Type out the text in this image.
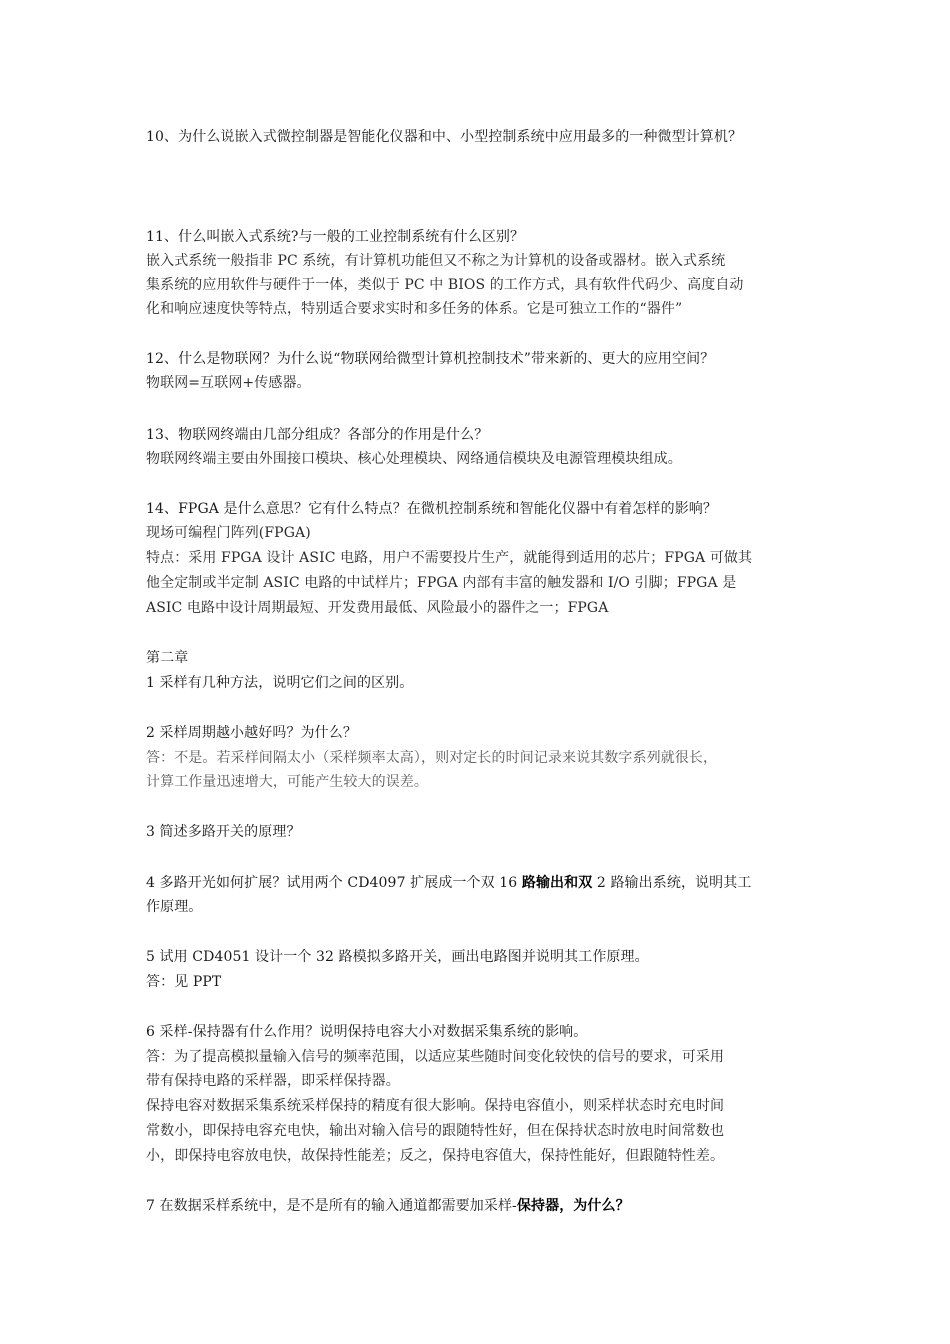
10、为什么说嵌入式微控制器是智能化仪器和中、小型控制系统中应用最多的一种微型计算机？
11、什么叫嵌入式系统?与一般的工业控制系统有什么区别？
嵌入式系统一般指非 PC 系统，有计算机功能但又不称之为计算机的设备或器材。嵌入式系统
集系统的应用软件与硬件于一体，类似于 PC 中 BIOS 的工作方式，具有软件代码少、高度自动
化和响应速度快等特点，特别适合要求实时和多任务的体系。它是可独立工作的“器件”
12、什么是物联网？为什么说“物联网给微型计算机控制技术”带来新的、更大的应用空间？
物联网=互联网+传感器。
13、物联网终端由几部分组成？各部分的作用是什么？
物联网终端主要由外围接口模块、核心处理模块、网络通信模块及电源管理模块组成。
14、FPGA 是什么意思？它有什么特点？在微机控制系统和智能化仪器中有着怎样的影响？
现场可编程门阵列(FPGA)
特点：采用 FPGA 设计 ASIC 电路，用户不需要投片生产，就能得到适用的芯片；FPGA 可做其
他全定制或半定制 ASIC 电路的中试样片；FPGA 内部有丰富的触发器和 I/O 引脚；FPGA 是
ASIC 电路中设计周期最短、开发费用最低、风险最小的器件之一；FPGA
第二章
1 采样有几种方法，说明它们之间的区别。
2 采样周期越小越好吗？为什么？
答：不是。若采样间隔太小（采样频率太高），则对定长的时间记录来说其数字系列就很长，
计算工作量迅速增大，可能产生较大的误差。
3 简述多路开关的原理？
4 多路开光如何扩展？试用两个 CD4097 扩展成一个双 16 路输出和双 2 路输出系统，说明其工
作原理。
5 试用 CD4051 设计一个 32 路模拟多路开关，画出电路图并说明其工作原理。
答：见 PPT
6 采样-保持器有什么作用？说明保持电容大小对数据采集系统的影响。
答：为了提高模拟量输入信号的频率范围，以适应某些随时间变化较快的信号的要求，可采用
带有保持电路的采样器，即采样保持器。
保持电容对数据采集系统采样保持的精度有很大影响。保持电容值小，则采样状态时充电时间
常数小，即保持电容充电快，输出对输入信号的跟随特性好，但在保持状态时放电时间常数也
小，即保持电容放电快，故保持性能差；反之，保持电容值大，保持性能好，但跟随特性差。
7 在数据采样系统中，是不是所有的输入通道都需要加采样-保持器，为什么？
